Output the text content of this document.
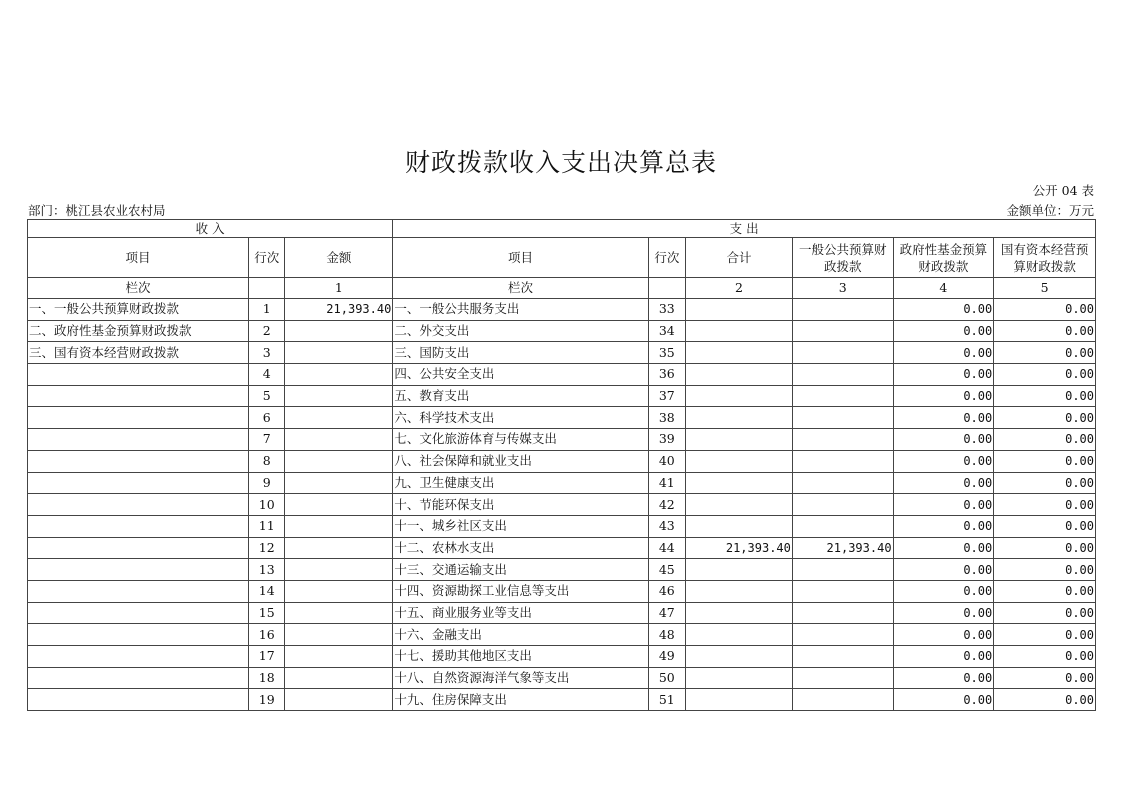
财政拨款收入支出决算总表
公开 04 表
部门：桃江县农业农村局	金额单位：万元
收 入			支 出					
项目	行次	金额	项目	行次	合计	一般公共预算财政拨款	政府性基金预算财政拨款	国有资本经营预算财政拨款
栏次		1	栏次		2	3	4	5
一、一般公共预算财政拨款	1	21,393.40	一、一般公共服务支出	33			0.00	0.00
二、政府性基金预算财政拨款	2		二、外交支出	34			0.00	0.00
三、国有资本经营财政拨款	3		三、国防支出	35			0.00	0.00
	4		四、公共安全支出	36			0.00	0.00
	5		五、教育支出	37			0.00	0.00
	6		六、科学技术支出	38			0.00	0.00
	7		七、文化旅游体育与传媒支出	39			0.00	0.00
	8		八、社会保障和就业支出	40			0.00	0.00
	9		九、卫生健康支出	41			0.00	0.00
	10		十、节能环保支出	42			0.00	0.00
	11		十一、城乡社区支出	43			0.00	0.00
	12		十二、农林水支出	44	21,393.40	21,393.40	0.00	0.00
	13		十三、交通运输支出	45			0.00	0.00
	14		十四、资源勘探工业信息等支出	46			0.00	0.00
	15		十五、商业服务业等支出	47			0.00	0.00
	16		十六、金融支出	48			0.00	0.00
	17		十七、援助其他地区支出	49			0.00	0.00
	18		十八、自然资源海洋气象等支出	50			0.00	0.00
	19		十九、住房保障支出	51			0.00	0.00
